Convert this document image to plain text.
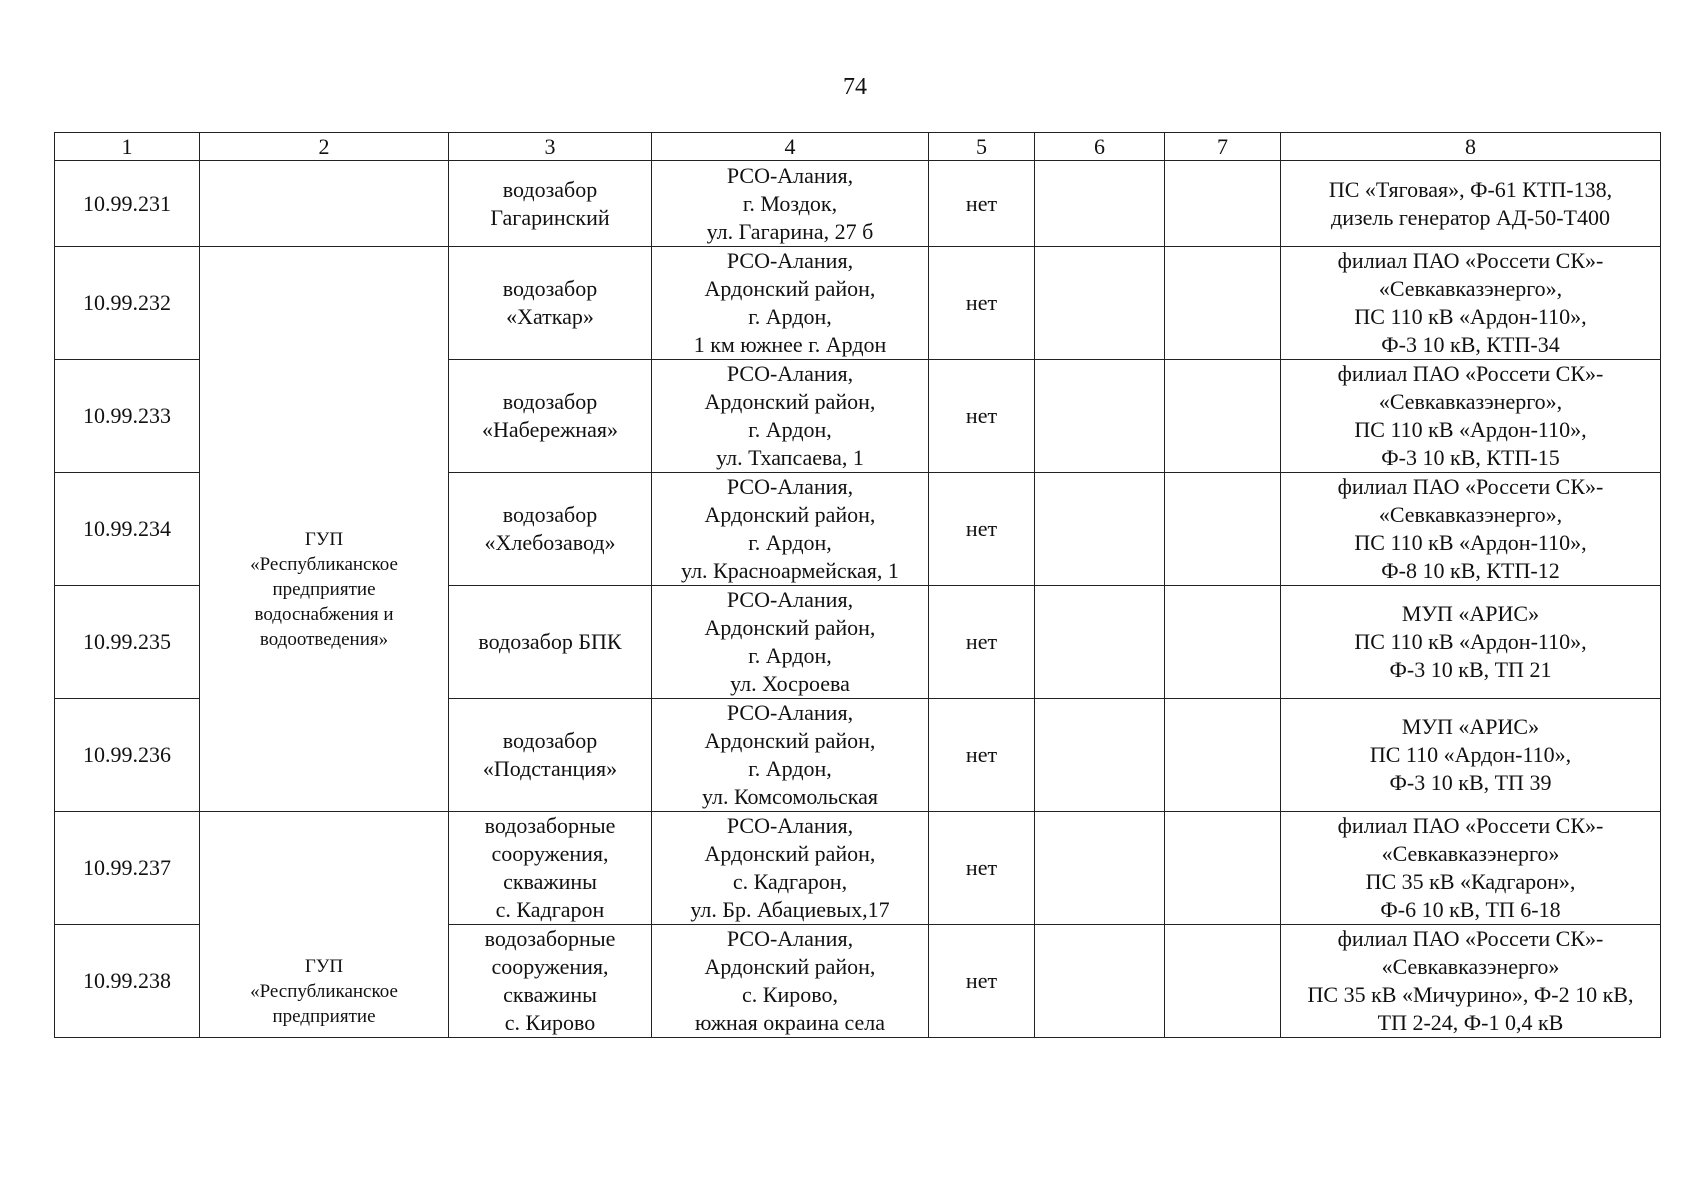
74
1	2	3	4	5	6	7	8
10.99.231		водозабор
Гагаринский	РСО-Алания,
г. Моздок,
ул. Гагарина, 27 б	нет			ПС «Тяговая», Ф-61 КТП-138,
дизель генератор АД-50-Т400

10.99.232	ГУП
«Республиканское
предприятие
водоснабжения и
водоотведения»	водозабор
«Хаткар»	РСО-Алания,
Ардонский район,
г. Ардон,
1 км южнее г. Ардон	нет			филиал ПАО «Россети СК»-
«Севкавказэнерго»,
ПС 110 кВ «Ардон-110»,
Ф-3 10 кВ, КТП-34

10.99.233		водозабор
«Набережная»	РСО-Алания,
Ардонский район,
г. Ардон,
ул. Тхапсаева, 1	нет			филиал ПАО «Россети СК»-
«Севкавказэнерго»,
ПС 110 кВ «Ардон-110»,
Ф-3 10 кВ, КТП-15

10.99.234		водозабор
«Хлебозавод»	РСО-Алания,
Ардонский район,
г. Ардон,
ул. Красноармейская, 1	нет			филиал ПАО «Россети СК»-
«Севкавказэнерго»,
ПС 110 кВ «Ардон-110»,
Ф-8 10 кВ, КТП-12

10.99.235		водозабор БПК	РСО-Алания,
Ардонский район,
г. Ардон,
ул. Хосроева	нет			МУП «АРИС»
ПС 110 кВ «Ардон-110»,
Ф-3 10 кВ, ТП 21

10.99.236		водозабор
«Подстанция»	РСО-Алания,
Ардонский район,
г. Ардон,
ул. Комсомольская	нет			МУП «АРИС»
ПС 110 «Ардон-110»,
Ф-3 10 кВ, ТП 39

10.99.237	ГУП
«Республиканское
предприятие	водозаборные
сооружения,
скважины
с. Кадгарон	РСО-Алания,
Ардонский район,
с. Кадгарон,
ул. Бр. Абациевых,17	нет			филиал ПАО «Россети СК»-
«Севкавказэнерго»
ПС 35 кВ «Кадгарон»,
Ф-6 10 кВ, ТП 6-18

10.99.238		водозаборные
сооружения,
скважины
с. Кирово	РСО-Алания,
Ардонский район,
с. Кирово,
южная окраина села	нет			филиал ПАО «Россети СК»-
«Севкавказэнерго»
ПС 35 кВ «Мичурино», Ф-2 10 кВ,
ТП 2-24, Ф-1 0,4 кВ
